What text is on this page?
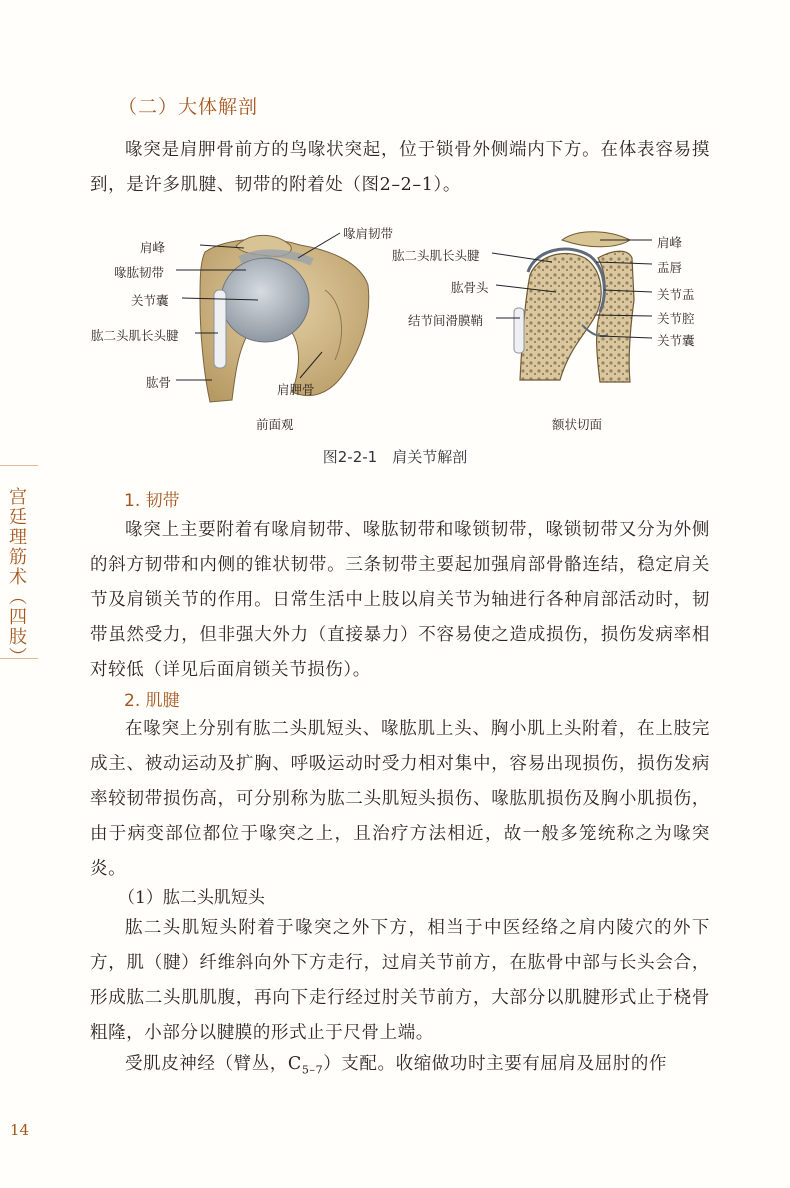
（二）大体解剖

喙突是肩胛骨前方的鸟喙状突起，位于锁骨外侧端内下方。在体表容易摸到，是许多肌腱、韧带的附着处（图2–2–1）。

肩峰
喙肱韧带
喙肩韧带
关节囊
肱二头肌长头腱
肱骨	肩胛骨
肱二头肌长头腱
肱骨头
结节间滑膜鞘
肩峰
盂唇
关节盂
关节腔
关节囊
前面观	额状切面
图2-2-1　肩关节解剖
宫廷理筋术（四肢）	1. 韧带

喙突上主要附着有喙肩韧带、喙肱韧带和喙锁韧带，喙锁韧带又分为外侧的斜方韧带和内侧的锥状韧带。三条韧带主要起加强肩部骨骼连结，稳定肩关节及肩锁关节的作用。日常生活中上肢以肩关节为轴进行各种肩部活动时，韧带虽然受力，但非强大外力（直接暴力）不容易使之造成损伤，损伤发病率相对较低（详见后面肩锁关节损伤）。

2. 肌腱

在喙突上分别有肱二头肌短头、喙肱肌上头、胸小肌上头附着，在上肢完成主、被动运动及扩胸、呼吸运动时受力相对集中，容易出现损伤，损伤发病率较韧带损伤高，可分别称为肱二头肌短头损伤、喙肱肌损伤及胸小肌损伤，由于病变部位都位于喙突之上，且治疗方法相近，故一般多笼统称之为喙突炎。

（1）肱二头肌短头

肱二头肌短头附着于喙突之外下方，相当于中医经络之肩内陵穴的外下方，肌（腱）纤维斜向外下方走行，过肩关节前方，在肱骨中部与长头会合，形成肱二头肌肌腹，再向下走行经过肘关节前方，大部分以肌腱形式止于桡骨粗隆，小部分以腱膜的形式止于尺骨上端。

受肌皮神经（臂丛，$C_{5-7}$）支配。收缩做功时主要有屈肩及屈肘的作

14
